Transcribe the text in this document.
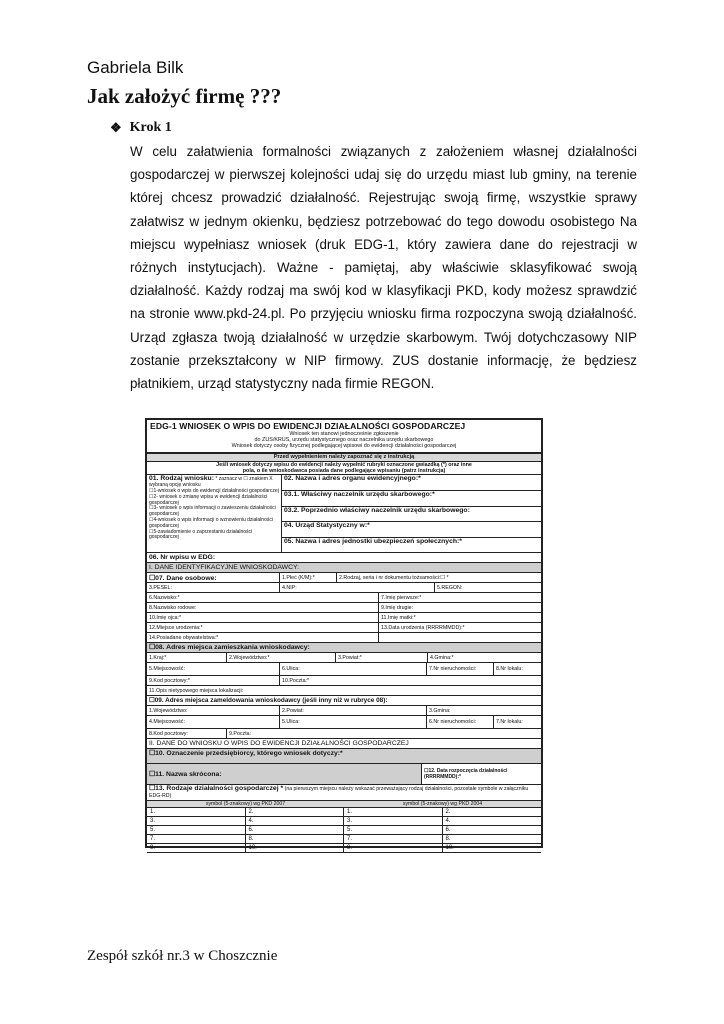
Gabriela Bilk
Jak założyć firmę ???
❖ Krok 1
W celu załatwienia formalności związanych z założeniem własnej działalności gospodarczej w pierwszej kolejności udaj się do urzędu miast lub gminy, na terenie której chcesz prowadzić działalność. Rejestrując swoją firmę, wszystkie sprawy załatwisz w jednym okienku, będziesz potrzebować do tego dowodu osobistego Na miejscu wypełniasz wniosek (druk EDG-1, który zawiera dane do rejestracji w różnych instytucjach). Ważne - pamiętaj, aby właściwie sklasyfikować swoją działalność. Każdy rodzaj ma swój kod w klasyfikacji PKD, kody możesz sprawdzić na stronie www.pkd-24.pl. Po przyjęciu wniosku firma rozpoczyna swoją działalność. Urząd zgłasza twoją działalność w urzędzie skarbowym. Twój dotychczasowy NIP zostanie przekształcony w NIP firmowy. ZUS dostanie informację, że będziesz płatnikiem, urząd statystyczny nada firmie REGON.
EDG-1 WNIOSEK O WPIS DO EWIDENCJI DZIAŁALNOŚCI GOSPODARCZEJ
Wniosek ten stanowi jednocześnie zgłoszenie
do ZUS/KRUS, urzędu statystycznego oraz naczelnika urzędu skarbowego
Wniosek dotyczy osoby fizycznej podlegającej wpisowi do ewidencji działalności gospodarczej
Przed wypełnieniem należy zapoznać się z instrukcją
Jeśli wniosek dotyczy wpisu do ewidencji należy wypełnić rubryki oznaczone gwiazdką (*) oraz inne
pola, o ile wnioskodawca posiada dane podlegające wpisaniu (patrz instrukcja)
01. Rodzaj wniosku: * zaznacz w ☐ znakiem X wybraną opcję wniosku
☐1-wniosek o wpis do ewidencji działalności gospodarczej
☐2- wniosek o zmianę wpisu w ewidencji działalności gospodarczej
☐3- wniosek o wpis informacji o zawieszeniu działalności gospodarczej
☐4-wniosek o wpis informacji o wznowieniu działalności gospodarczej
☐5-zawiadomienie o zaprzestaniu działalności gospodarczej
02. Nazwa i adres organu ewidencyjnego:*
03.1. Właściwy naczelnik urzędu skarbowego:*
03.2. Poprzednio właściwy naczelnik urzędu skarbowego:
04. Urząd Statystyczny w:*
05. Nazwa i adres jednostki ubezpieczeń społecznych:*
06. Nr wpisu w EDG:
I. DANE IDENTYFIKACYJNE WNIOSKODAWCY:
☐07. Dane osobowe:	1.Płeć (K/M):*	2.Rodzaj, seria i nr dokumentu tożsamości:☐ *
3.PESEL:	4.NIP:	5.REGON:
6.Nazwisko:*	7.Imię pierwsze:*
8.Nazwisko rodowe:	9.Imię drugie:
10.Imię ojca:*	11.Imię matki:*
12.Miejsce urodzenia:*	13.Data urodzenia (RRRRMMDD):*
14.Posiadane obywatelstwa:*
☐08. Adres miejsca zamieszkania wnioskodawcy:
1.Kraj:*	2.Województwo:*	3.Powiat:*	4.Gmina:*
5.Miejscowość:	6.Ulica:	7.Nr nieruchomości:	8.Nr lokalu:
9.Kod pocztowy:*	10.Poczta:*
11.Opis nietypowego miejsca lokalizacji:
☐09. Adres miejsca zameldowania wnioskodawcy (jeśli inny niż w rubryce 08):
1.Województwo:	2.Powiat:	3.Gmina:
4.Miejscowość:	5.Ulica:	6.Nr nieruchomości:	7.Nr lokalu:
8.Kod pocztowy:	9.Poczta:
II. DANE DO WNIOSKU O WPIS DO EWIDENCJI DZIAŁALNOŚCI GOSPODARCZEJ
☐10. Oznaczenie przedsiębiorcy, którego wniosek dotyczy:*
☐11. Nazwa skrócona:	☐12. Data rozpoczęcia działalności (RRRRMMDD):*
☐13. Rodzaje działalności gospodarczej * (na pierwszym miejscu należy wskazać przeważający rodzaj działalności, pozostałe symbole w załączniku EDG-RD)
symbol (5-znakowy) wg PKD 2007	symbol (5-znakowy) wg PKD 2004
1.	2.	1.	2.
3.	4.	3.	4.
5.	6.	5.	6.
7.	8.	7.	8.
9.	10.	9.	10.
Zespół szkół nr.3 w Choszcznie
